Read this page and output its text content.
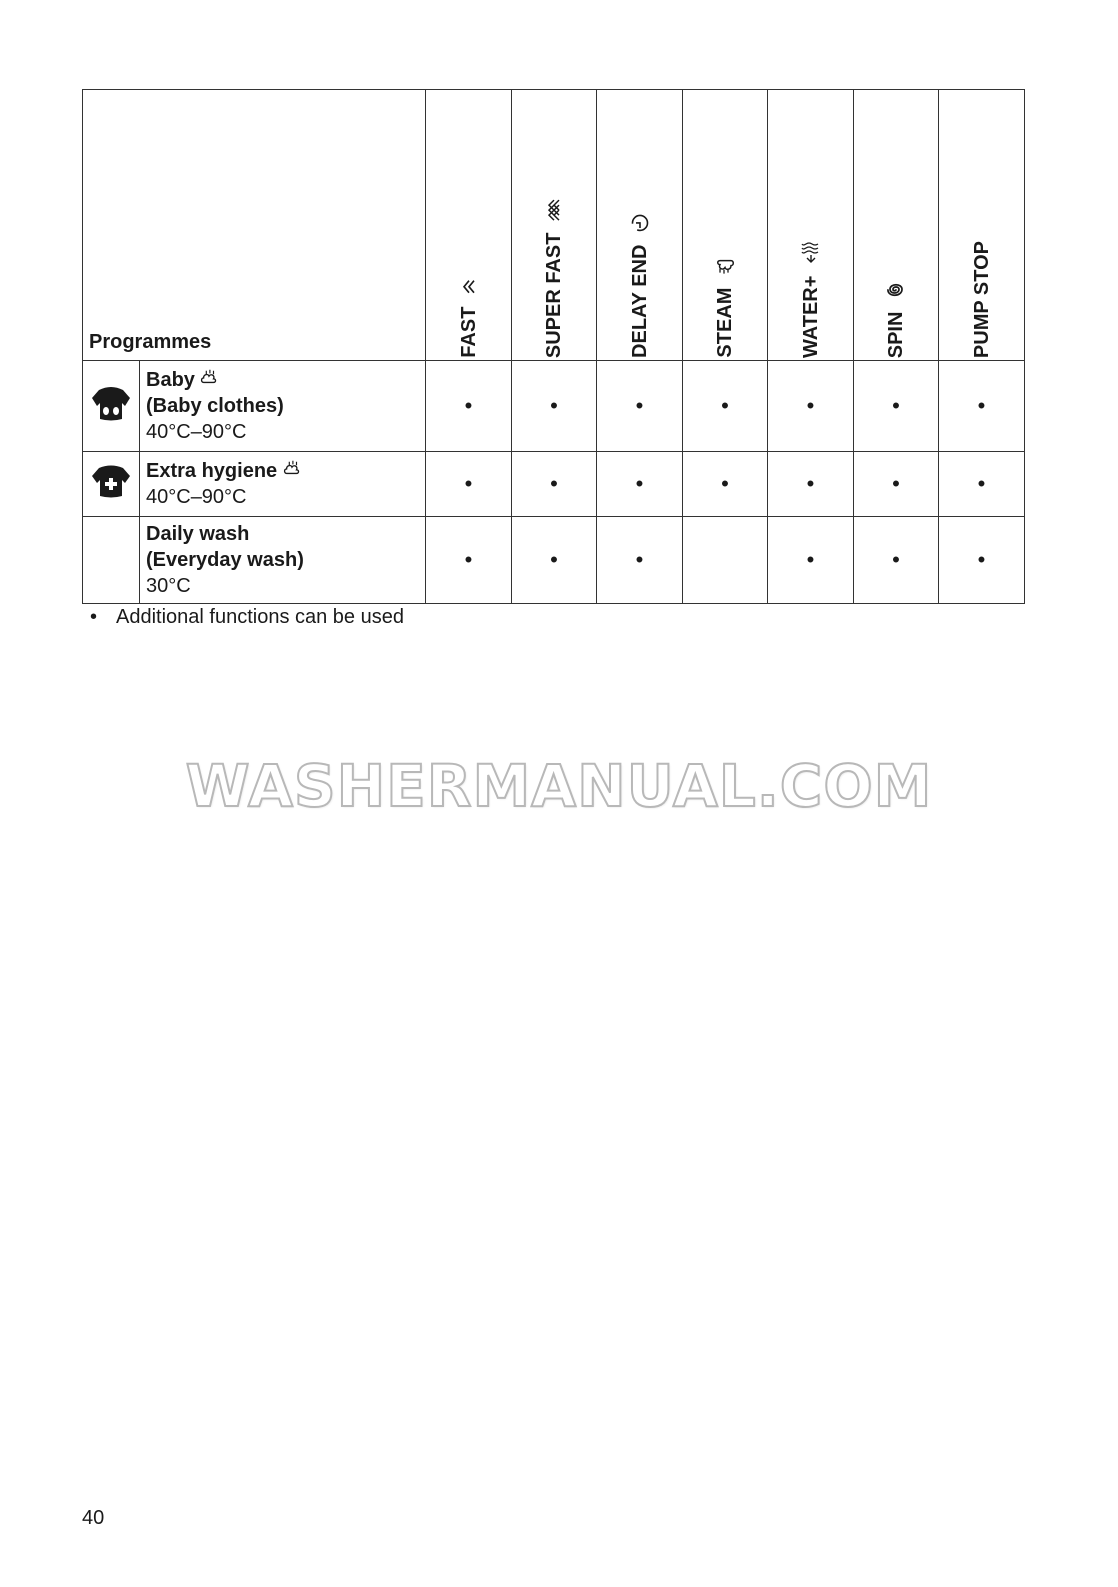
Programmes		FAST	SUPER FAST	DELAY END	STEAM	WATER+	SPIN	PUMP STOP

	Baby
(Baby clothes)
40°C–90°C	•	•	•	•	•	•	•
	Extra hygiene
40°C–90°C	•	•	•	•	•	•	•
	Daily wash
(Everyday wash)
30°C	•	•	•		•	•	•
• Additional functions can be used
WASHERMANUAL.COM
40
